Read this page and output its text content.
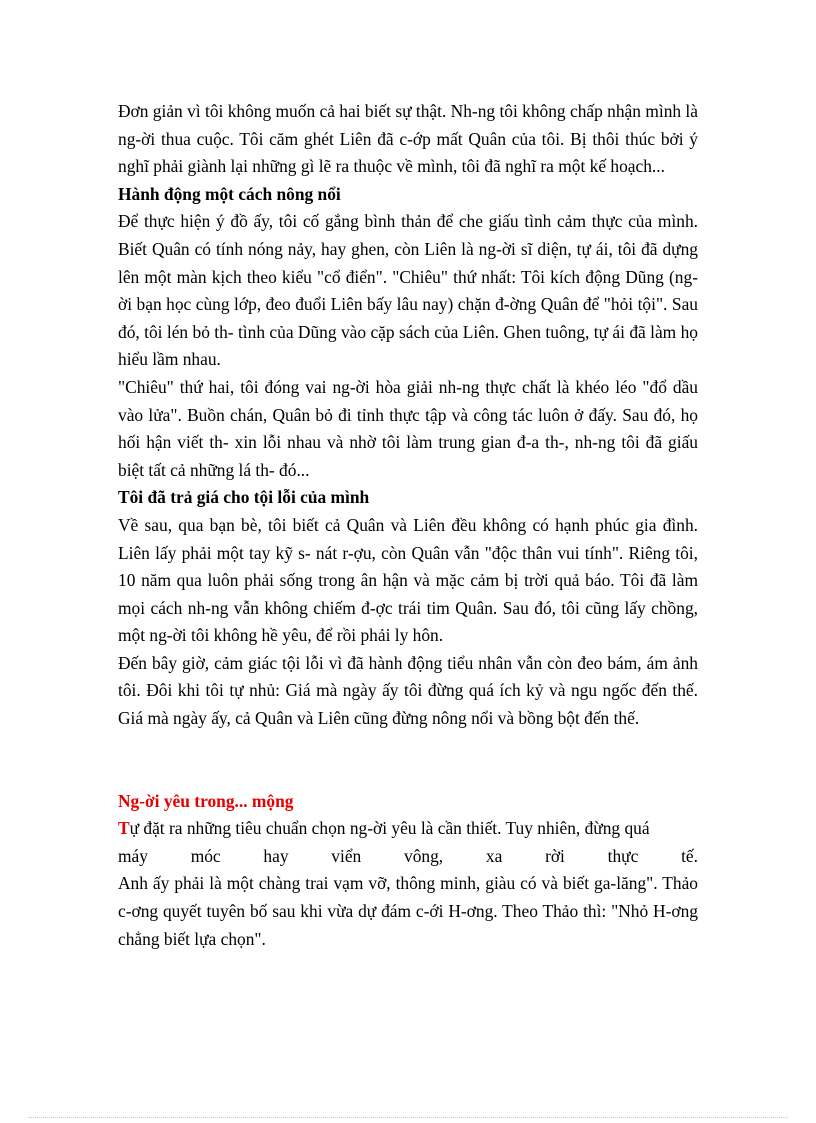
Đơn giản vì tôi không muốn cả hai biết sự thật. Nh-ng tôi không chấp nhận mình là ng-ời thua cuộc. Tôi căm ghét Liên đã c-ớp mất Quân của tôi. Bị thôi thúc bởi ý nghĩ phải giành lại những gì lẽ ra thuộc về mình, tôi đã nghĩ ra một kế hoạch...

Hành động một cách nông nổi

Để thực hiện ý đồ ấy, tôi cố gắng bình thản để che giấu tình cảm thực của mình. Biết Quân có tính nóng nảy, hay ghen, còn Liên là ng-ời sĩ diện, tự ái, tôi đã dựng lên một màn kịch theo kiểu "cổ điển". "Chiêu" thứ nhất: Tôi kích động Dũng (ng-ời bạn học cùng lớp, đeo đuổi Liên bấy lâu nay) chặn đ-ờng Quân để "hỏi tội". Sau đó, tôi lén bỏ th- tình của Dũng vào cặp sách của Liên. Ghen tuông, tự ái đã làm họ hiểu lầm nhau.

"Chiêu" thứ hai, tôi đóng vai ng-ời hòa giải nh-ng thực chất là khéo léo "đổ dầu vào lửa". Buồn chán, Quân bỏ đi tỉnh thực tập và công tác luôn ở đấy. Sau đó, họ hối hận viết th- xin lỗi nhau và nhờ tôi làm trung gian đ-a th-, nh-ng tôi đã giấu biệt tất cả những lá th- đó...

Tôi đã trả giá cho tội lỗi của mình

Về sau, qua bạn bè, tôi biết cả Quân và Liên đều không có hạnh phúc gia đình. Liên lấy phải một tay kỹ s- nát r-ợu, còn Quân vẫn "độc thân vui tính". Riêng tôi, 10 năm qua luôn phải sống trong ân hận và mặc cảm bị trời quả báo. Tôi đã làm mọi cách nh-ng vẫn không chiếm đ-ợc trái tim Quân. Sau đó, tôi cũng lấy chồng, một ng-ời tôi không hề yêu, để rồi phải ly hôn.

Đến bây giờ, cảm giác tội lỗi vì đã hành động tiểu nhân vẫn còn đeo bám, ám ảnh tôi. Đôi khi tôi tự nhủ: Giá mà ngày ấy tôi đừng quá ích kỷ và ngu ngốc đến thế. Giá mà ngày ấy, cả Quân và Liên cũng đừng nông nổi và bồng bột đến thế.

Ng-ời yêu trong... mộng

Tự đặt ra những tiêu chuẩn chọn ng-ời yêu là cần thiết. Tuy nhiên, đừng quá
máy móc hay viển vông, xa rời thực tế.

Anh ấy phải là một chàng trai vạm vỡ, thông minh, giàu có và biết ga-lăng". Thảo c-ơng quyết tuyên bố sau khi vừa dự đám c-ới H-ơng. Theo Thảo thì: "Nhỏ H-ơng chẳng biết lựa chọn".
